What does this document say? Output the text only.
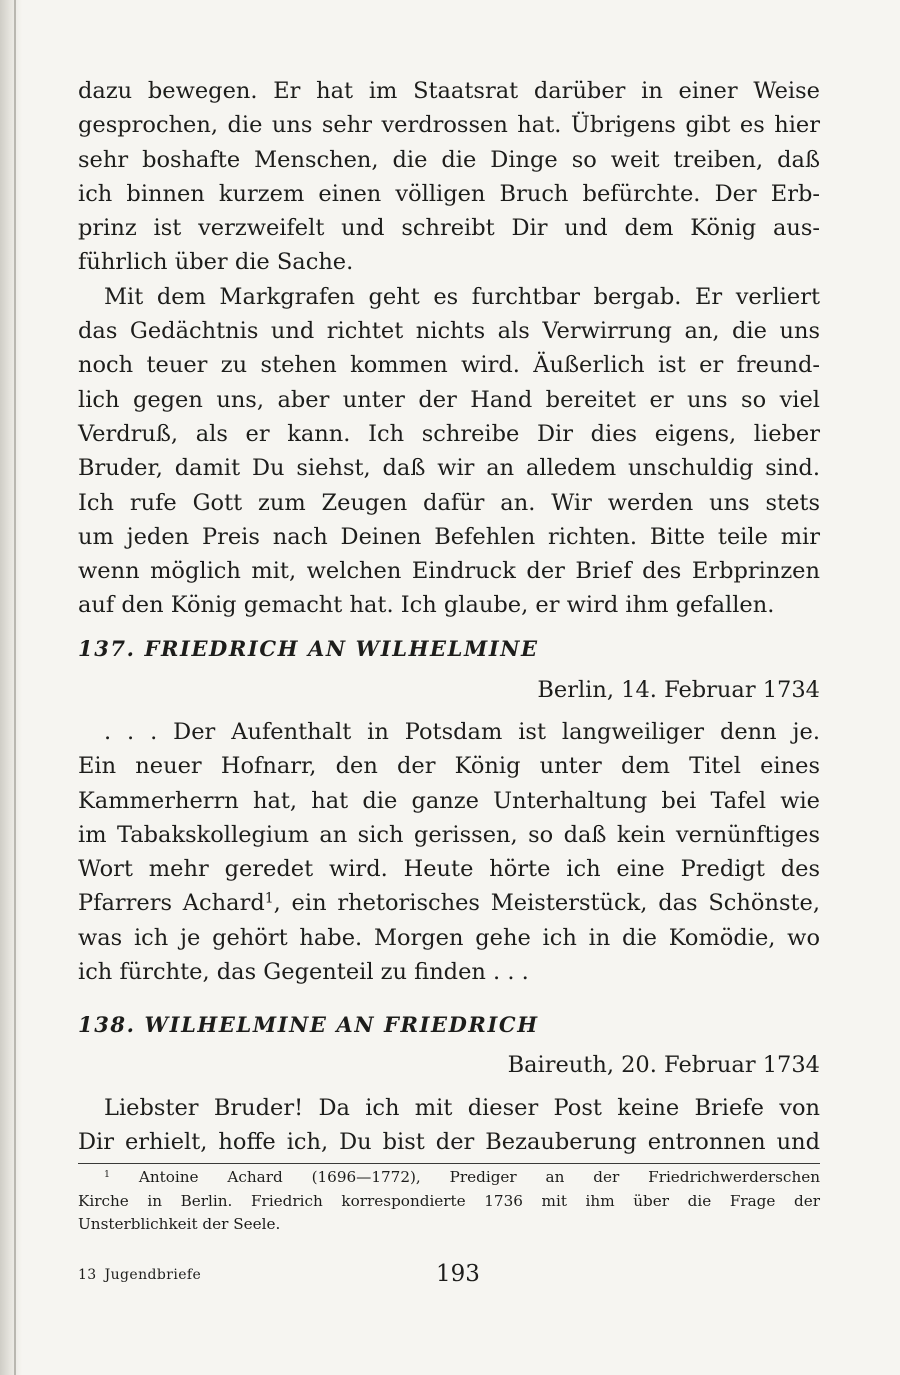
dazu bewegen. Er hat im Staatsrat darüber in einer Weise
gesprochen, die uns sehr verdrossen hat. Übrigens gibt es hier
sehr boshafte Menschen, die die Dinge so weit treiben, daß
ich binnen kurzem einen völligen Bruch befürchte. Der Erb-
prinz ist verzweifelt und schreibt Dir und dem König aus-
führlich über die Sache.

Mit dem Markgrafen geht es furchtbar bergab. Er verliert
das Gedächtnis und richtet nichts als Verwirrung an, die uns
noch teuer zu stehen kommen wird. Äußerlich ist er freund-
lich gegen uns, aber unter der Hand bereitet er uns so viel
Verdruß, als er kann. Ich schreibe Dir dies eigens, lieber
Bruder, damit Du siehst, daß wir an alledem unschuldig sind.
Ich rufe Gott zum Zeugen dafür an. Wir werden uns stets
um jeden Preis nach Deinen Befehlen richten. Bitte teile mir
wenn möglich mit, welchen Eindruck der Brief des Erbprinzen
auf den König gemacht hat. Ich glaube, er wird ihm gefallen.

137. FRIEDRICH AN WILHELMINE

Berlin, 14. Februar 1734

. . . Der Aufenthalt in Potsdam ist langweiliger denn je.
Ein neuer Hofnarr, den der König unter dem Titel eines
Kammerherrn hat, hat die ganze Unterhaltung bei Tafel wie
im Tabakskollegium an sich gerissen, so daß kein vernünftiges
Wort mehr geredet wird. Heute hörte ich eine Predigt des
Pfarrers Achard$^1$, ein rhetorisches Meisterstück, das Schönste,
was ich je gehört habe. Morgen gehe ich in die Komödie, wo
ich fürchte, das Gegenteil zu finden . . .

138. WILHELMINE AN FRIEDRICH

Baireuth, 20. Februar 1734

Liebster Bruder! Da ich mit dieser Post keine Briefe von
Dir erhielt, hoffe ich, Du bist der Bezauberung entronnen und

$^1$ Antoine Achard (1696—1772), Prediger an der Friedrichwerderschen
Kirche in Berlin. Friedrich korrespondierte 1736 mit ihm über die Frage der
Unsterblichkeit der Seele.

13 Jugendbriefe	193
